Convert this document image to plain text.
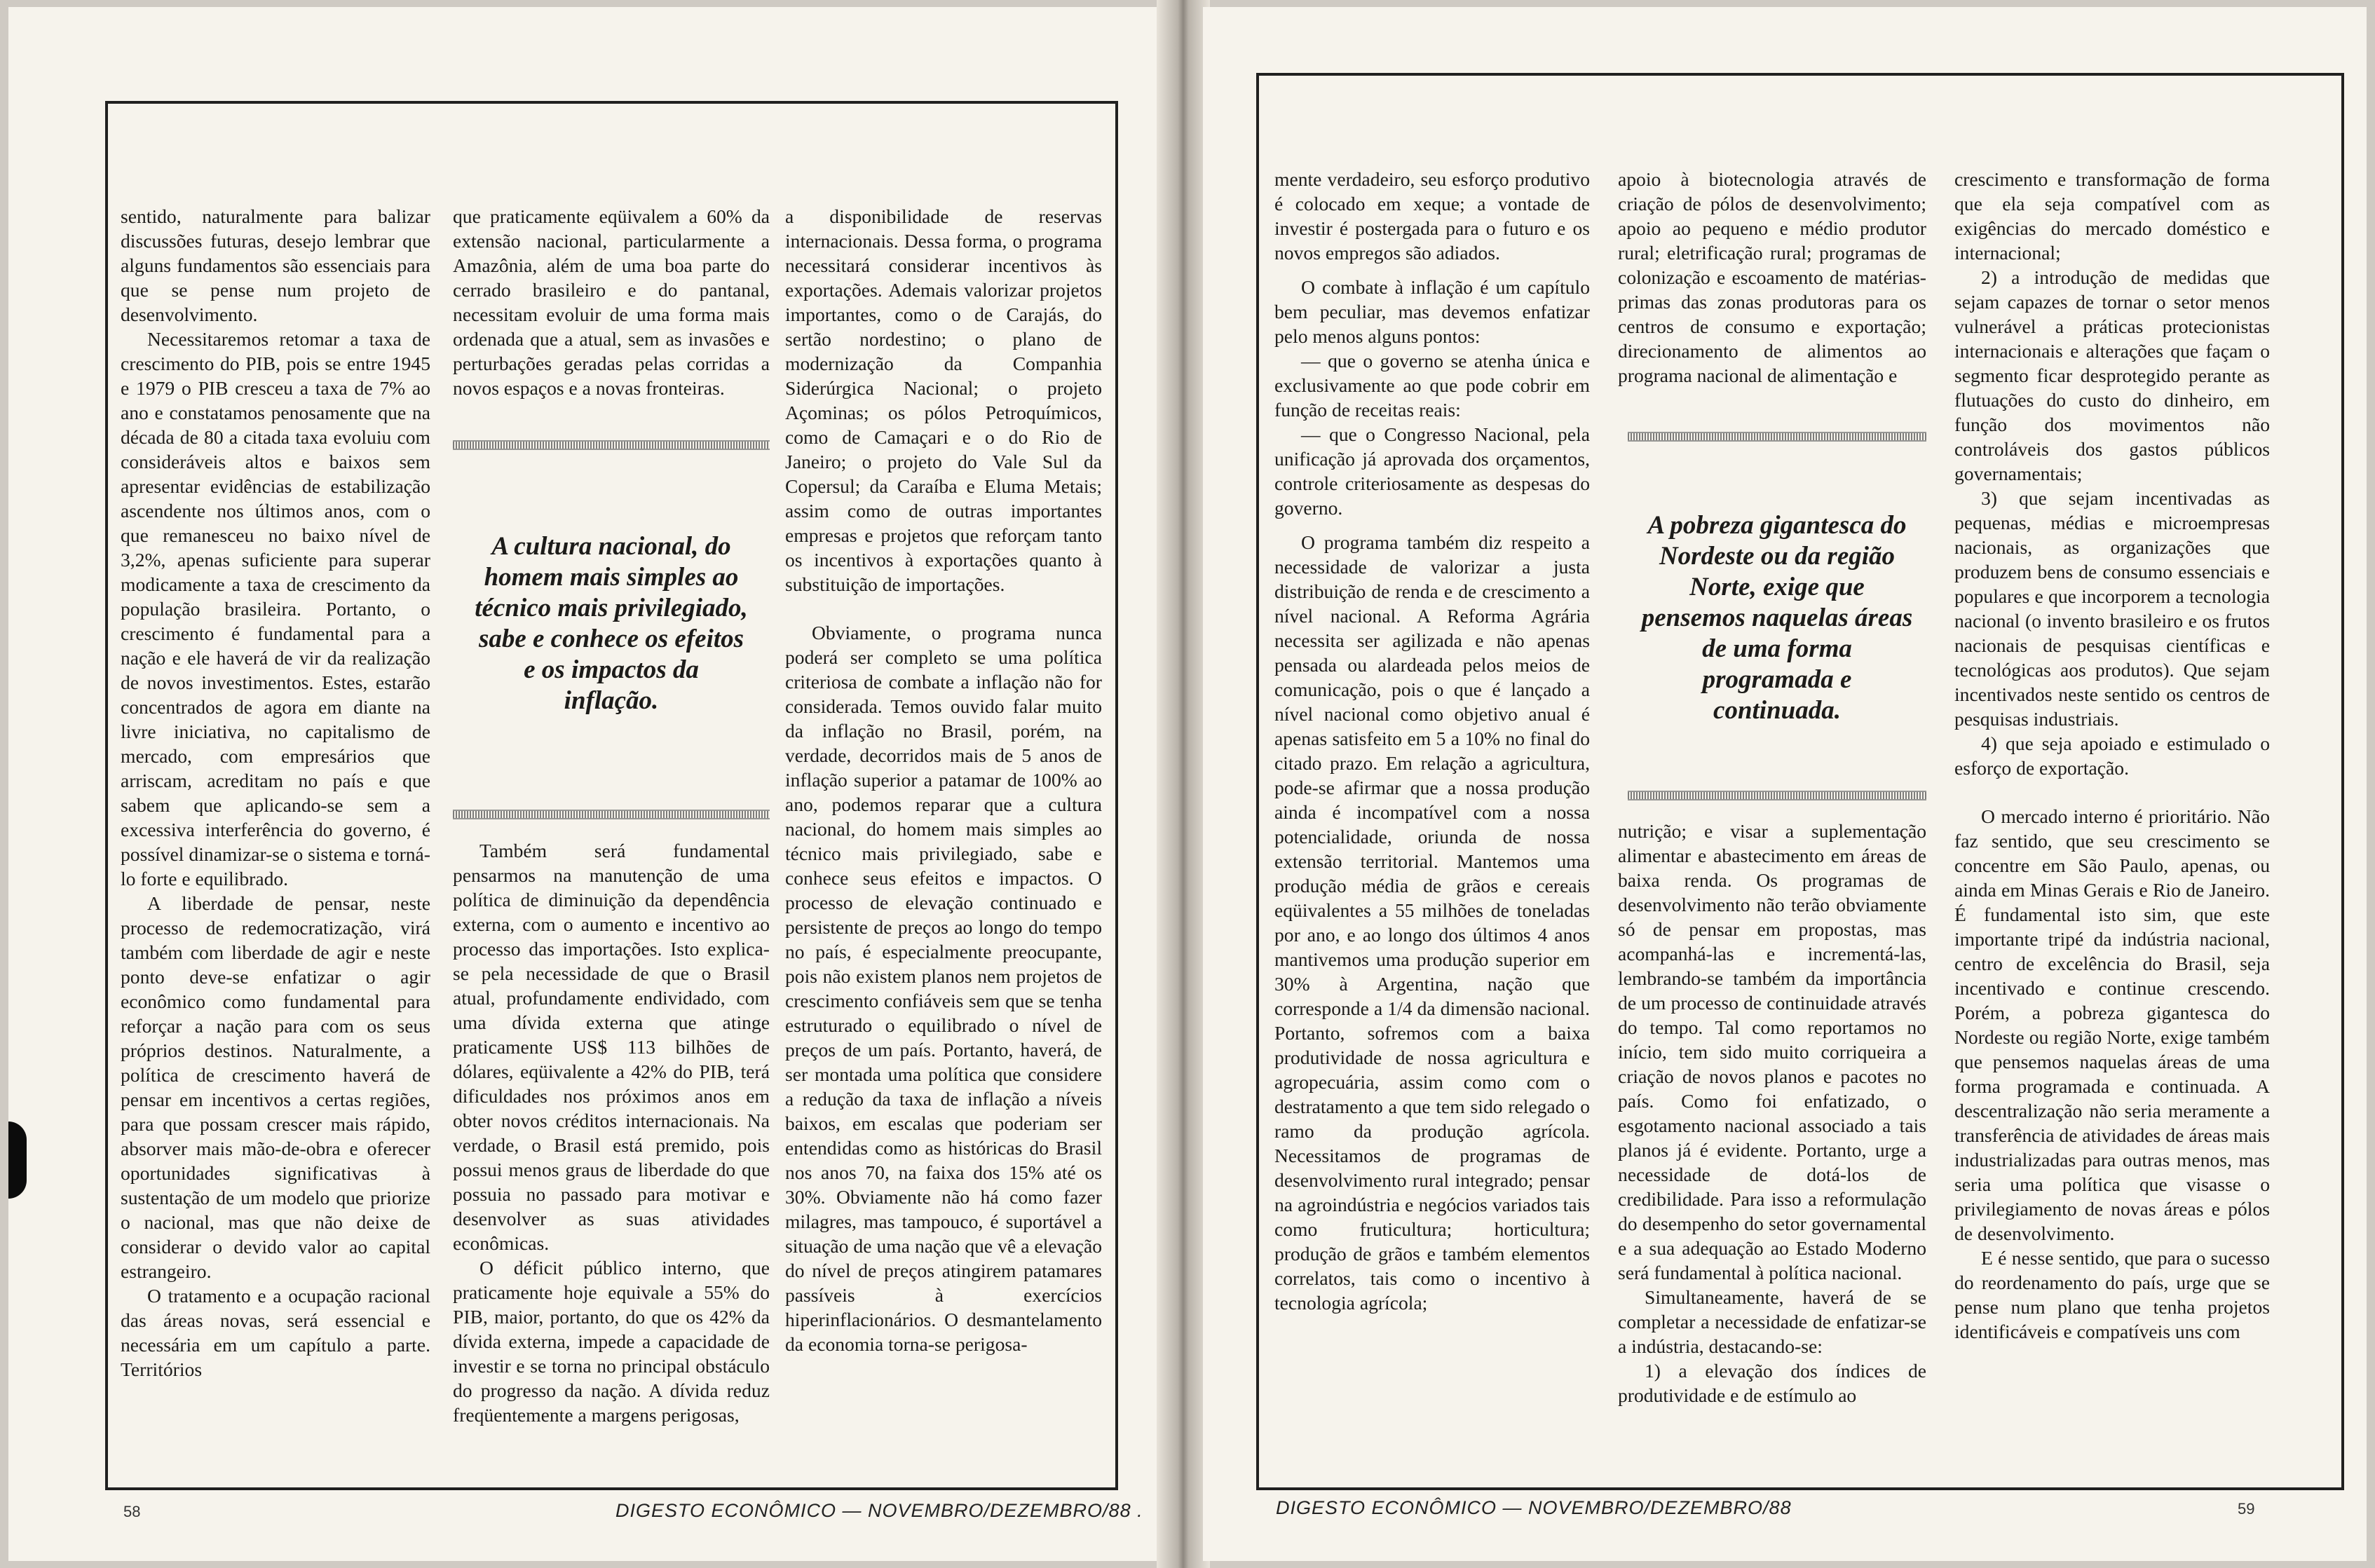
sentido, naturalmente para balizar discussões futuras, desejo lembrar que alguns fundamentos são essenciais para que se pense num projeto de desenvolvimento.

Necessitaremos retomar a taxa de crescimento do PIB, pois se entre 1945 e 1979 o PIB cresceu a taxa de 7% ao ano e constatamos penosamente que na década de 80 a citada taxa evoluiu com consideráveis altos e baixos sem apresentar evidências de estabilização ascendente nos últimos anos, com o que remanesceu no baixo nível de 3,2%, apenas suficiente para superar modicamente a taxa de crescimento da população brasileira. Portanto, o crescimento é fundamental para a nação e ele haverá de vir da realização de novos investimentos. Estes, estarão concentrados de agora em diante na livre iniciativa, no capitalismo de mercado, com empresários que arriscam, acreditam no país e que sabem que aplicando-se sem a excessiva interferência do governo, é possível dinamizar-se o sistema e torná-lo forte e equilibrado.

A liberdade de pensar, neste processo de redemocratização, virá também com liberdade de agir e neste ponto deve-se enfatizar o agir econômico como fundamental para reforçar a nação para com os seus próprios destinos. Naturalmente, a política de crescimento haverá de pensar em incentivos a certas regiões, para que possam crescer mais rápido, absorver mais mão-de-obra e oferecer oportunidades significativas à sustentação de um modelo que priorize o nacional, mas que não deixe de considerar o devido valor ao capital estrangeiro.

O tratamento e a ocupação racional das áreas novas, será essencial e necessária em um capítulo a parte. Territórios

que praticamente eqüivalem a 60% da extensão nacional, particularmente a Amazônia, além de uma boa parte do cerrado brasileiro e do pantanal, necessitam evoluir de uma forma mais ordenada que a atual, sem as invasões e perturbações geradas pelas corridas a novos espaços e a novas fronteiras.

A cultura nacional, do homem mais simples ao técnico mais privilegiado, sabe e conhece os efeitos e os impactos da inflação.

Também será fundamental pensarmos na manutenção de uma política de diminuição da dependência externa, com o aumento e incentivo ao processo das importações. Isto explica-se pela necessidade de que o Brasil atual, profundamente endividado, com uma dívida externa que atinge praticamente US$ 113 bilhões de dólares, eqüivalente a 42% do PIB, terá dificuldades nos próximos anos em obter novos créditos internacionais. Na verdade, o Brasil está premido, pois possui menos graus de liberdade do que possuia no passado para motivar e desenvolver as suas atividades econômicas.

O déficit público interno, que praticamente hoje equivale a 55% do PIB, maior, portanto, do que os 42% da dívida externa, impede a capacidade de investir e se torna no principal obstáculo do progresso da nação. A dívida reduz freqüentemente a margens perigosas,

a disponibilidade de reservas internacionais. Dessa forma, o programa necessitará considerar incentivos às exportações. Ademais valorizar projetos importantes, como o de Carajás, do sertão nordestino; o plano de modernização da Companhia Siderúrgica Nacional; o projeto Açominas; os pólos Petroquímicos, como de Camaçari e o do Rio de Janeiro; o projeto do Vale Sul da Copersul; da Caraíba e Eluma Metais; assim como de outras importantes empresas e projetos que reforçam tanto os incentivos à exportações quanto à substituição de importações.

Obviamente, o programa nunca poderá ser completo se uma política criteriosa de combate a inflação não for considerada. Temos ouvido falar muito da inflação no Brasil, porém, na verdade, decorridos mais de 5 anos de inflação superior a patamar de 100% ao ano, podemos reparar que a cultura nacional, do homem mais simples ao técnico mais privilegiado, sabe e conhece seus efeitos e impactos. O processo de elevação continuado e persistente de preços ao longo do tempo no país, é especialmente preocupante, pois não existem planos nem projetos de crescimento confiáveis sem que se tenha estruturado o equilibrado o nível de preços de um país. Portanto, haverá, de ser montada uma política que considere a redução da taxa de inflação a níveis baixos, em escalas que poderiam ser entendidas como as históricas do Brasil nos anos 70, na faixa dos 15% até os 30%. Obviamente não há como fazer milagres, mas tampouco, é suportável a situação de uma nação que vê a elevação do nível de preços atingirem patamares passíveis à exercícios hiperinflacionários. O desmantelamento da economia torna-se perigosa-

58	DIGESTO ECONÔMICO — NOVEMBRO/DEZEMBRO/88 .

mente verdadeiro, seu esforço produtivo é colocado em xeque; a vontade de investir é postergada para o futuro e os novos empregos são adiados.

O combate à inflação é um capítulo bem peculiar, mas devemos enfatizar pelo menos alguns pontos:

— que o governo se atenha única e exclusivamente ao que pode cobrir em função de receitas reais:

— que o Congresso Nacional, pela unificação já aprovada dos orçamentos, controle criteriosamente as despesas do governo.

O programa também diz respeito a necessidade de valorizar a justa distribuição de renda e de crescimento a nível nacional. A Reforma Agrária necessita ser agilizada e não apenas pensada ou alardeada pelos meios de comunicação, pois o que é lançado a nível nacional como objetivo anual é apenas satisfeito em 5 a 10% no final do citado prazo. Em relação a agricultura, pode-se afirmar que a nossa produção ainda é incompatível com a nossa potencialidade, oriunda de nossa extensão territorial. Mantemos uma produção média de grãos e cereais eqüivalentes a 55 milhões de toneladas por ano, e ao longo dos últimos 4 anos mantivemos uma produção superior em 30% à Argentina, nação que corresponde a 1/4 da dimensão nacional. Portanto, sofremos com a baixa produtividade de nossa agricultura e agropecuária, assim como com o destratamento a que tem sido relegado o ramo da produção agrícola. Necessitamos de programas de desenvolvimento rural integrado; pensar na agroindústria e negócios variados tais como fruticultura; horticultura; produção de grãos e também elementos correlatos, tais como o incentivo à tecnologia agrícola;

apoio à biotecnologia através de criação de pólos de desenvolvimento; apoio ao pequeno e médio produtor rural; eletrificação rural; programas de colonização e escoamento de matérias-primas das zonas produtoras para os centros de consumo e exportação; direcionamento de alimentos ao programa nacional de alimentação e

A pobreza gigantesca do Nordeste ou da região Norte, exige que pensemos naquelas áreas de uma forma programada e continuada.

nutrição; e visar a suplementação alimentar e abastecimento em áreas de baixa renda. Os programas de desenvolvimento não terão obviamente só de pensar em propostas, mas acompanhá-las e incrementá-las, lembrando-se também da importância de um processo de continuidade através do tempo. Tal como reportamos no início, tem sido muito corriqueira a criação de novos planos e pacotes no país. Como foi enfatizado, o esgotamento nacional associado a tais planos já é evidente. Portanto, urge a necessidade de dotá-los de credibilidade. Para isso a reformulação do desempenho do setor governamental e a sua adequação ao Estado Moderno será fundamental à política nacional.

Simultaneamente, haverá de se completar a necessidade de enfatizar-se a indústria, destacando-se:

1) a elevação dos índices de produtividade e de estímulo ao

crescimento e transformação de forma que ela seja compatível com as exigências do mercado doméstico e internacional;

2) a introdução de medidas que sejam capazes de tornar o setor menos vulnerável a práticas protecionistas internacionais e alterações que façam o segmento ficar desprotegido perante as flutuações do custo do dinheiro, em função dos movimentos não controláveis dos gastos públicos governamentais;

3) que sejam incentivadas as pequenas, médias e microempresas nacionais, as organizações que produzem bens de consumo essenciais e populares e que incorporem a tecnologia nacional (o invento brasileiro e os frutos nacionais de pesquisas científicas e tecnológicas aos produtos). Que sejam incentivados neste sentido os centros de pesquisas industriais.

4) que seja apoiado e estimulado o esforço de exportação.

O mercado interno é prioritário. Não faz sentido, que seu crescimento se concentre em São Paulo, apenas, ou ainda em Minas Gerais e Rio de Janeiro. É fundamental isto sim, que este importante tripé da indústria nacional, centro de excelência do Brasil, seja incentivado e continue crescendo. Porém, a pobreza gigantesca do Nordeste ou região Norte, exige também que pensemos naquelas áreas de uma forma programada e continuada. A descentralização não seria meramente a transferência de atividades de áreas mais industrializadas para outras menos, mas seria uma política que visasse o privilegiamento de novas áreas e pólos de desenvolvimento.

E é nesse sentido, que para o sucesso do reordenamento do país, urge que se pense num plano que tenha projetos identificáveis e compatíveis uns com

DIGESTO ECONÔMICO — NOVEMBRO/DEZEMBRO/88	59
